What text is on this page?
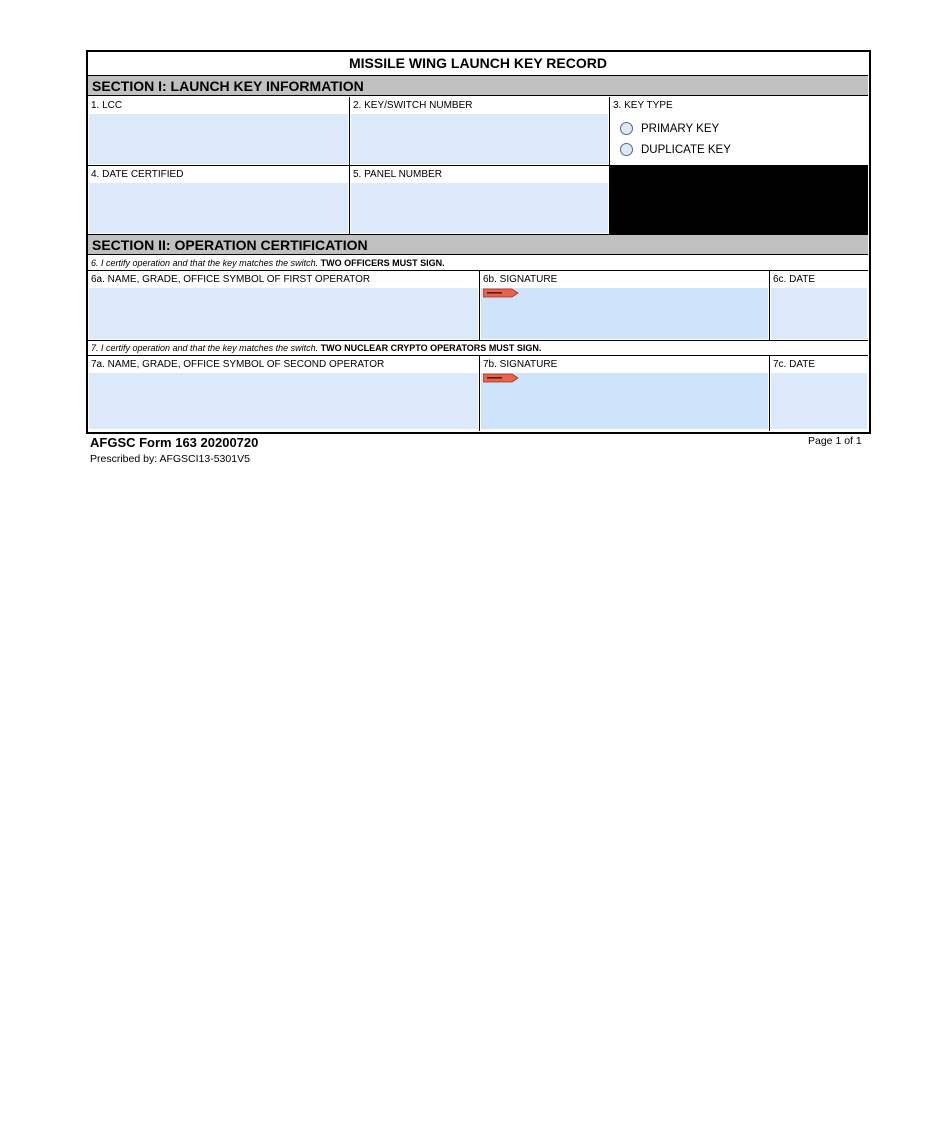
MISSILE WING LAUNCH KEY RECORD
SECTION I: LAUNCH KEY INFORMATION
1. LCC	2. KEY/SWITCH NUMBER	3. KEY TYPE
PRIMARY KEY
DUPLICATE KEY
4. DATE CERTIFIED	5. PANEL NUMBER
SECTION II: OPERATION CERTIFICATION
6. I certify operation and that the key matches the switch. TWO OFFICERS MUST SIGN.
6a. NAME, GRADE, OFFICE SYMBOL OF FIRST OPERATOR	6b. SIGNATURE	6c. DATE
7. I certify operation and that the key matches the switch. TWO NUCLEAR CRYPTO OPERATORS MUST SIGN.
7a. NAME, GRADE, OFFICE SYMBOL OF SECOND OPERATOR	7b. SIGNATURE	7c. DATE
AFGSC Form 163 20200720
Prescribed by: AFGSCI13-5301V5
Page 1 of 1
